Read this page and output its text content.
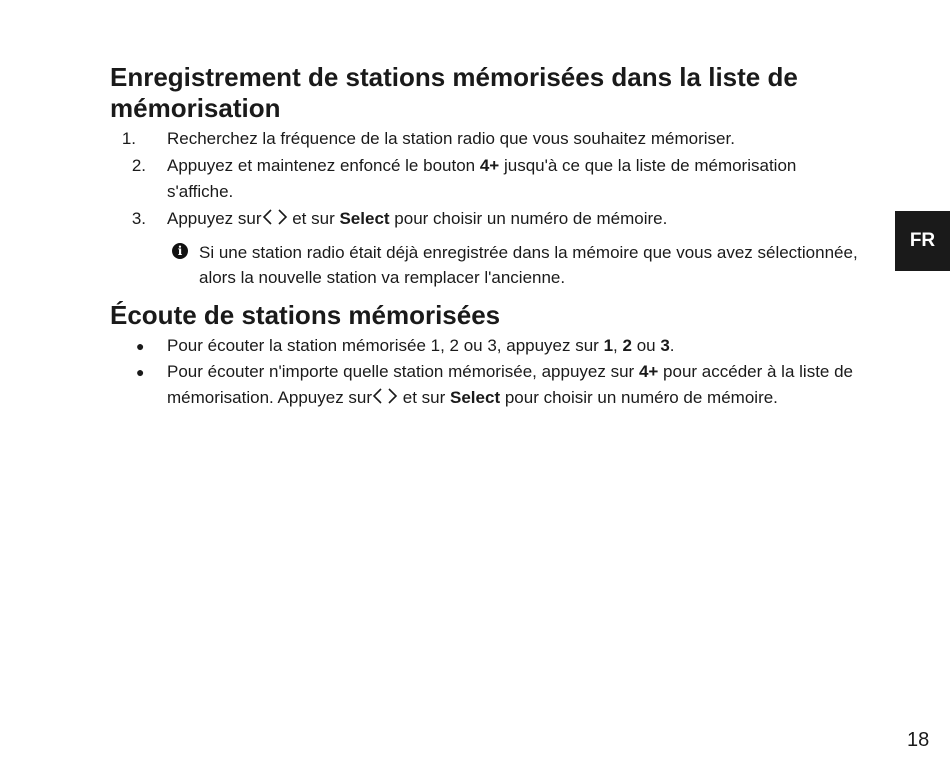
Enregistrement de stations mémorisées dans la liste de mémorisation
1.	Recherchez la fréquence de la station radio que vous souhaitez mémoriser.
2.	Appuyez et maintenez enfoncé le bouton 4+ jusqu'à ce que la liste de mémorisation s'affiche.
3.	Appuyez sur et sur Select pour choisir un numéro de mémoire.
i Si une station radio était déjà enregistrée dans la mémoire que vous avez sélectionnée, alors la nouvelle station va remplacer l'ancienne.
Écoute de stations mémorisées
● Pour écouter la station mémorisée 1, 2 ou 3, appuyez sur 1, 2 ou 3.
● Pour écouter n'importe quelle station mémorisée, appuyez sur 4+ pour accéder à la liste de mémorisation. Appuyez sur et sur Select pour choisir un numéro de mémoire.
FR
18
